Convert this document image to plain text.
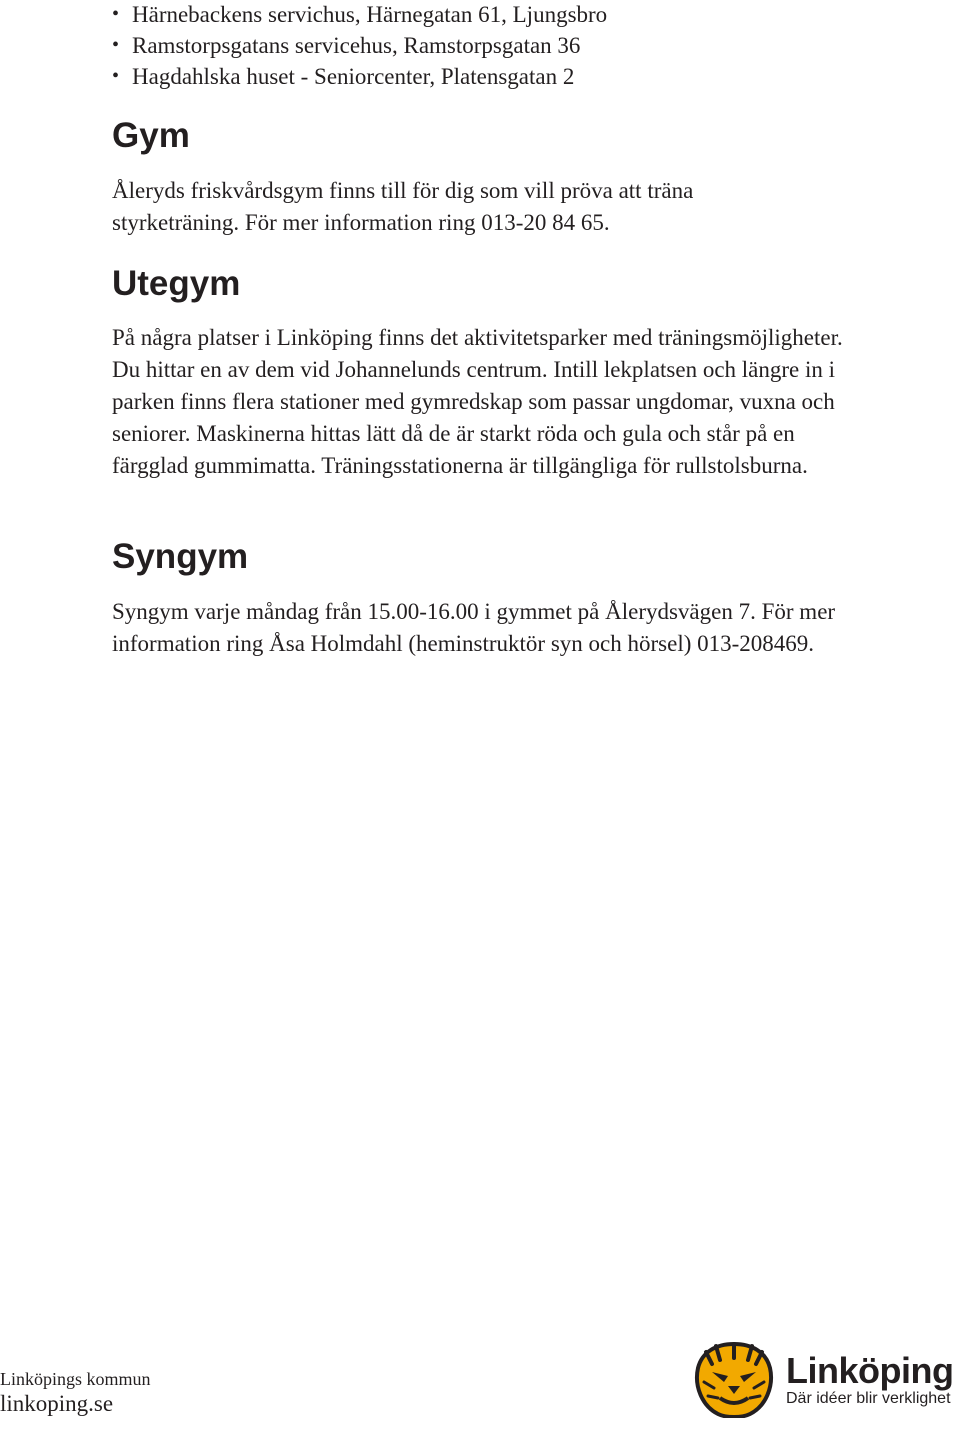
• Härnebackens servichus, Härnegatan 61, Ljungsbro
• Ramstorpsgatans servicehus, Ramstorpsgatan 36
• Hagdahlska huset - Seniorcenter, Platensgatan 2
Gym

Åleryds friskvårdsgym finns till för dig som vill pröva att träna styrketräning. För mer information ring 013-20 84 65.

Utegym

På några platser i Linköping finns det aktivitetsparker med träningsmöjligheter. Du hittar en av dem vid Johannelunds centrum. Intill lekplatsen och längre in i parken finns flera stationer med gymredskap som passar ungdomar, vuxna och seniorer. Maskinerna hittas lätt då de är starkt röda och gula och står på en färgglad gummimatta. Träningsstationerna är tillgängliga för rullstolsburna.

Syngym

Syngym varje måndag från 15.00-16.00 i gymmet på Ålerydsvägen 7. För mer information ring Åsa Holmdahl (heminstruktör syn och hörsel) 013-208469.

Linköpings kommun
linkoping.se
Linköping
Där idéer blir verklighet
